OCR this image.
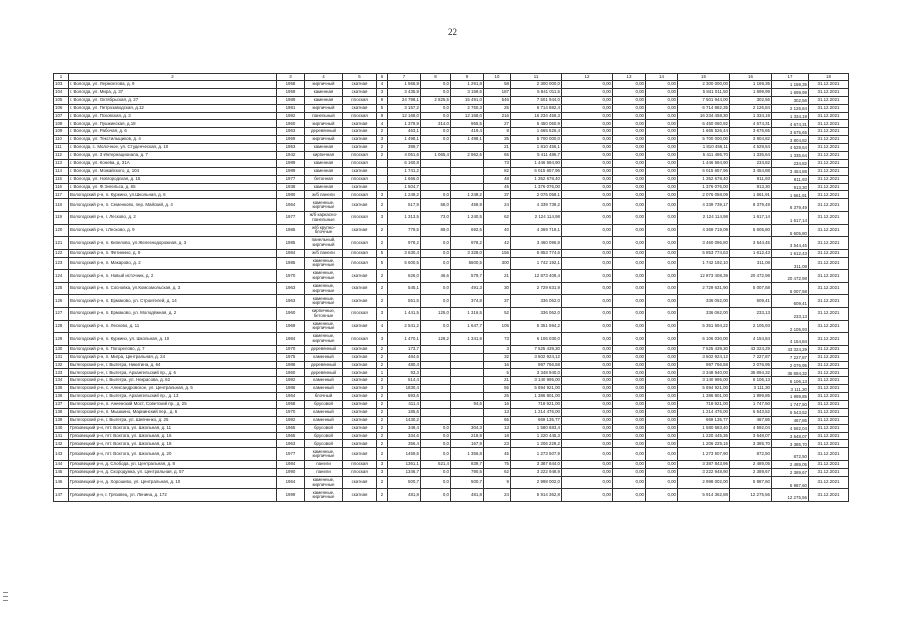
22
1	2	3	4	5	6	7	8	9	10	11	12	13	14	15	16	17	18
103	г. Вологда, ул. Лермонтова, д. 9	1958	кирпичный	скатная	4	1 566,9	0,0	1 291,8	58	2 300 000,0	0,00	0,00	0,00	2 300 000,00	1 169,35	1 169,35	31.12.2021
104	г. Вологда, ул. Мира, д. 37	1959	каменная	скатная	3	3 435,9	0,0	3 159,6	187	5 841 011,5	0,00	0,00	0,00	5 841 011,50	1 699,99	1 699,99	31.12.2021
105	г. Вологда, ул. Октябрьская, д. 27	1989	каменная	плоская	9	24 798,1	2 825,5	15 491,0	546	7 501 944,0	0,00	0,00	0,00	7 501 944,00	302,56	302,56	31.12.2021
106	г. Вологда, ул. Петрозаводская, д.12	1981	кирпичный	скатная	5	3 157,2	0,0	2 750,3	25	6 714 882,4	0,00	0,00	0,00	6 714 882,35	2 126,84	2 126,84	31.12.2021
107	г. Вологда, ул. Псковская, д. 3	1982	панельный	плоская	9	12 168,0	0,0	12 168,0	216	16 234 458,3	0,00	0,00	0,00	16 234 458,30	1 334,19	1 334,19	31.12.2021
108	г. Вологда, ул. Пушкинская, д.18	1960	кирпичный	скатная	4	1 379,9	314,0	955,5	27	6 450 060,9	0,00	0,00	0,00	6 450 060,92	4 674,31	4 674,31	31.12.2021
109	г. Вологда, ул. Рабочая, д. 6	1963	деревянный	скатная	2	463,1	0,0	419,4	8	1 665 526,4	0,00	0,00	0,00	1 665 526,44	3 675,65	3 675,65	31.12.2021
110	г. Вологда, ул. Текстильщиков, д. 4	1959	кирпичный	скатная	3	1 498,1	0,0	1 498,1	35	5 700 000,0	0,00	0,00	0,00	5 700 000,00	3 804,82	3 804,82	31.12.2021
111	г. Вологда, с. Молочное, ул. Студенческая, д. 10	1953	каменная	скатная	2	399,7			21	1 810 456,1	0,00	0,00	0,00	1 810 456,11	4 529,54	4 529,54	31.12.2021
112	г. Вологда, ул. 3 Интернационала, д. 7	1942	кирпичная	плоская	2	4 051,6	1 065,4	2 962,6	65	5 411 486,7	0,00	0,00	0,00	5 411 486,70	1 335,64	1 335,64	31.12.2021
113	г. Вологда, ул. Конева, д. 31А	1989	каменная	плоская		6 160,8			73	1 446 594,90	0,00	0,00	0,00	1 446 594,90	234,82	234,82	31.12.2021
114	г. Вологда, ул. Можайского, д. 104	1989	каменная	скатная		1 741,2			82	6 015 657,96	0,00	0,00	0,00	6 015 657,96	3 454,88	3 454,88	31.12.2021
115	г. Вологда, ул. Новгородская, д. 15	1977	бетонная	плоская		1 666,0			48	1 352 678,40	0,00	0,00	0,00	1 352 678,40	811,93	811,93	31.12.2021
116	г. Вологда, ул. Ф.Энгельса, д. 65	1938	каменная	скатная		1 504,7			45	1 376 076,00	0,00	0,00	0,00	1 376 076,00	913,30	913,30	31.12.2021
117	Вологодский р-н, п. Куркино, ул.Школьная, д. 6	1980	ж/б панели	плоская	3	1 249,2	0,0	1 249,2	37	2 076 058,1	0,00	0,00	0,00	2 076 058,09	1 661,91	1 661,91	31.12.2021
118	Вологодский р-н, п. Семенково, пер. Майский, д. 4	1964	каменные, кирпичные	скатная	2	517,9	58,0	459,9	24	4 339 739,2	0,00	0,00	0,00	4 339 739,17	8 379,49	8 379,49	31.12.2021
119	Вологодский р-н, г. Лесково, д. 2	1977	ж/б каркасно-панельные	плоская	3	1 313,5	73,0	1 240,5	62	2 124 114,98	0,00	0,00	0,00	2 124 114,98	1 617,14	1 617,14	31.12.2021
120	Вологодский р-н, г.Лесково, д. 9	1985	ж/б крупно-блочные	скатная	2	779,5	89,0	692,5	40	4 369 719,1	0,00	0,00	0,00	4 369 719,09	5 605,80	5 605,80	31.12.2021
121	Вологодский р-н, п. Кипелово, ул.Железнодорожная, д. 3	1985	панельный, кирпичный	плоская	2	978,2	0,0	978,2	42	3 460 096,8	0,00	0,00	0,00	3 460 096,80	3 544,45	3 544,45	31.12.2021
122	Вологодский р-н, п. Фетинино, д. 9	1984	ж/б панели	плоская	5	3 630,4	0,0	3 328,0	156	5 853 774,6	0,00	0,00	0,00	5 853 774,63	1 612,43	1 612,43	31.12.2021
123	Вологодский р-н, п. Макарово, д. 2	1985	каменные, кирпичные	плоская	5	5 600,5	0,0	5600,5	300	1 742 192,1	0,00	0,00	0,00	1 742 192,10	311,08	311,08	31.12.2021
124	Вологодский р-н, п. Новый источник, д. 2	1970	каменные, кирпичные	скатная	2	626,0	46,6	579,7	21	12 873 408,4	0,00	0,00	0,00	12 873 408,39	20 472,98	20 472,98	31.12.2021
125	Вологодский р-н, п. Сосновка, ул.Комсомольская, д. 3	1963	каменные, кирпичные	скатная	2	545,1	0,0	491,3	30	2 729 631,9	0,00	0,00	0,00	2 729 631,90	5 007,58	5 007,58	31.12.2021
126	Вологодский р-н, п. Ермаково, ул. Строителей, д. 14	1963	каменные, кирпичные	скатная	2	551,5	0,0	374,8	37	336 062,0	0,00	0,00	0,00	336 062,00	609,41	609,41	31.12.2021
127	Вологодский р-н, п. Ермаково, ул. Молодёжная, д. 2	1960	кирпичные, бетонные	плоская	3	1 441,5	125,0	1 316,5	52	336 062,0	0,00	0,00	0,00	336 062,00	233,13	233,13	31.12.2021
128	Вологодский р-н, п. Лесково, д. 11	1969	каменные, кирпичные	скатная	4	2 541,2	0,0	1 647,7	105	5 351 594,2	0,00	0,00	0,00	5 351 594,22	2 105,93	2 105,93	31.12.2021
129	Вологодский р-н, п. Куркино, ул. Школьная, д. 10	1984	каменные, кирпичные	плоская	3	1 470,1	128,2	1 341,9	73	6 106 030,0	0,00	0,00	0,00	6 106 030,00	4 154,84	4 154,84	31.12.2021
130	Вологодский р-н, п. Погорелово, д. 7	1970	деревянный	скатная	2	173,7			3	7 525 439,30	0,00	0,00	0,00	7 525 439,30	43 324,29	43 324,29	31.12.2021
131	Вологодский р-н, п. Мигра, Центральная, д. 24	1975	каменный	скатная	2	484,6			32	3 502 924,12	0,00	0,00	0,00	3 502 924,12	7 227,87	7 227,87	31.12.2021
132	Вытегорский р-н, г. Вытегра, Никитина, д. 64	1988	деревянный	скатная	2	480,4			16	997 766,58	0,00	0,00	0,00	997 766,58	2 076,95	2 076,95	31.12.2021
133	Вытегорский р-н, г. Вытегра, Архангельский пр., д. 6	1960	деревянный	скатная	1	93,3			5	3 348 940,0	0,00	0,00	0,00	3 348 940,00	35 894,32	35 894,32	31.12.2021
134	Вытегорский р-н, г. Вытегра, ул. Некрасова, д. 62	1982	каменный	скатная	2	514,4			21	3 140 995,00	0,00	0,00	0,00	3 140 995,00	6 106,13	6 106,13	31.12.2021
135	Вытегорский р-н, с. Александровское, ул. Центральная, д. 5	1986	каменный	скатная	3	1830,4			55	5 694 921,00	0,00	0,00	0,00	5 694 921,00	3 111,30	3 111,30	31.12.2021
136	Вытегорский р-н, г. Вытегра, Архангельский пр., д. 13	1964	блочный	скатная	2	693,6			26	1 386 801,00	0,00	0,00	0,00	1 386 801,00	1 999,85	1 999,85	31.12.2021
137	Вытегорский р-н, п. Анненский Мост, Советский пр., д. 25	1958	брусовой	скатная	2	411,4		94,6	16	718 921,00	0,00	0,00	0,00	718 921,00	1 747,50	1 747,50	31.12.2021
138	Вытегорский р-н, п. Мышкино, Мариинский пер., д. 6	1970	каменный	скатная	2	185,6			13	1 214 476,00	0,00	0,00	0,00	1 214 476,00	6 543,52	6 543,52	31.12.2021
139	Вытегорский р-н, г. Вытегра, ул. Шевченко, д. 25	1982	каменный	скатная	2	1430,2			65	669 135,77	0,00	0,00	0,00	669 135,77	467,86	467,86	31.12.2021
140	Грязовецкий р-н, пгт. Вохтога, ул. Школьная, д. 11	1965	брусовой	скатная	2	348,4	0,0	304,3	13	1 580 683,4	0,00	0,00	0,00	1 580 683,40	4 592,04	4 592,04	31.12.2021
141	Грязовецкий р-н, пгт. Вохтога, ул. Школьная, д. 16	1965	брусовой	скатная	2	334,6	0,0	218,9	18	1 220 445,3	0,00	0,00	0,00	1 220 445,35	3 648,07	3 648,07	31.12.2021
142	Грязовецкий р-н, пгт. Вохтога, ул. Школьная, д. 18	1963	брусовой	скатная	2	356,4	0,0	167,9	23	1 206 229,2	0,00	0,00	0,00	1 206 229,15	3 385,70	3 385,70	31.12.2021
143	Грязовецкий р-н, пгт. Вохтога, ул. Школьная, д. 20	1977	каменные, кирпичные	скатная	2	1459,6	0,0	1 356,8	45	1 273 507,9	0,00	0,00	0,00	1 273 507,90	872,50	872,50	31.12.2021
144	Грязовецкий р-н, д. Слобода, ул. Центральная, д. 8	1984	панели	плоская	3	1361,1	521,4	839,7	75	3 387 844,0	0,00	0,00	0,00	3 387 843,96	2 489,05	2 489,05	31.12.2021
145	Грязовецкий р-н, д. Скородумка, ул. Центральная, д. 57	1990	панели	плоская	3	1346,7	0,0	790,5	62	3 222 948,9	0,00	0,00	0,00	3 222 948,90	2 389,67	2 389,67	31.12.2021
146	Грязовецкий р-н, д. Хорошево, ул. Центральная, д. 10	1964	каменные, кирпичные	скатная	2	500,7	0,0	500,7	9	2 998 002,0	0,00	0,00	0,00	2 998 002,00	5 987,60	5 987,60	31.12.2021
147	Грязовецкий р-н, г. Грязовец, ул. Ленина, д. 172	1999	каменные, кирпичные	скатная	2	481,8	0,0	481,8	24	5 914 362,8	0,00	0,00	0,00	5 914 362,88	12 275,56	12 275,56	31.12.2021
